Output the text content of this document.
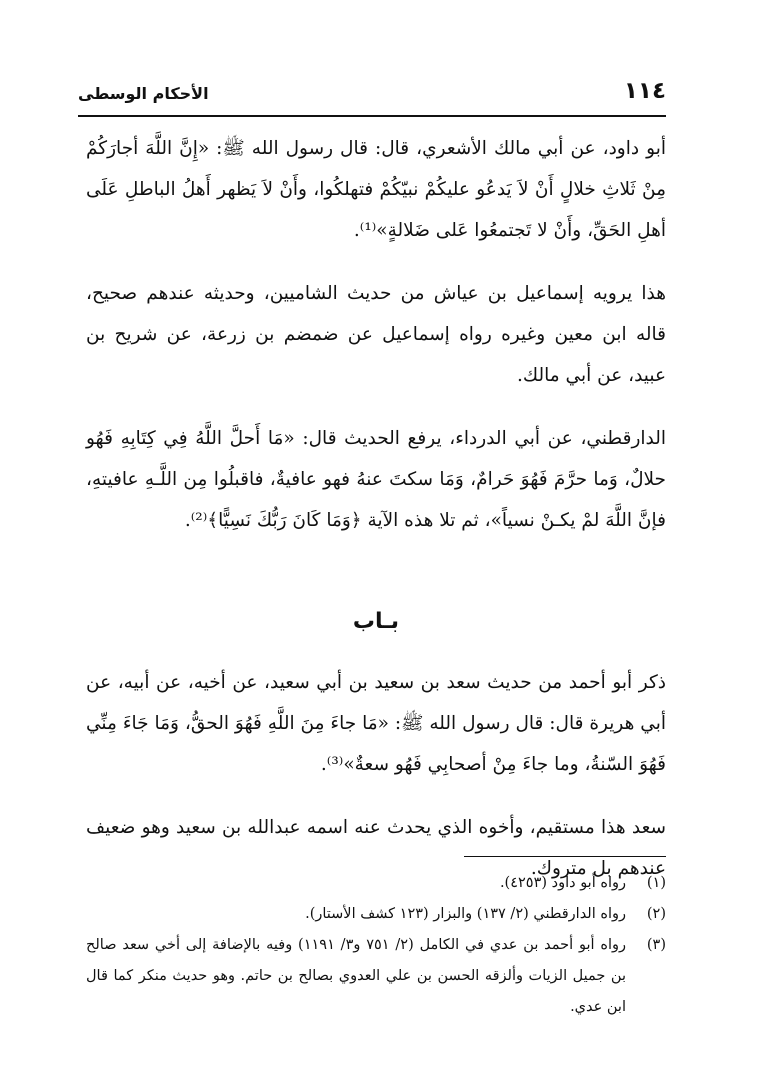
١١٤
الأحكام الوسطى

أبو داود، عن أبي مالك الأشعري، قال: قال رسول الله ﷺ: «إِنَّ اللَّهَ أجارَكُمْ مِنْ ثَلاثِ خلالٍ أَنْ لاَ يَدعُو عليكُمْ نبيّكُمْ فتهلكُوا، وأَنْ لاَ يَظهر أَهلُ الباطلِ عَلَى أهلِ الحَقِّ، وأَنْ لا تَجتمعُوا عَلى ضَلالةٍ»⁽¹⁾.

هذا يرويه إسماعيل بن عياش من حديث الشاميين، وحديثه عندهم صحيح، قاله ابن معين وغيره رواه إسماعيل عن ضمضم بن زرعة، عن شريح بن عبيد، عن أبي مالك.

الدارقطني، عن أبي الدرداء، يرفع الحديث قال: «مَا أَحلَّ اللَّهُ فِي كِتَابِهِ فَهُو حلالٌ، وَما حرَّمَ فَهُوَ حَرامٌ، وَمَا سكتَ عنهُ فهو عافيةٌ، فاقبلُوا مِن اللَّـهِ عافيتهِ، فإنَّ اللَّهَ لمْ يكـنْ نسياً»، ثم تلا هذه الآية ﴿وَمَا كَانَ رَبُّكَ نَسِيًّا﴾⁽²⁾.

بـاب

ذكر أبو أحمد من حديث سعد بن سعيد بن أبي سعيد، عن أخيه، عن أبيه، عن أبي هريرة قال: قال رسول الله ﷺ: «مَا جاءَ مِنَ اللَّهِ فَهُوَ الحقُّ، وَمَا جَاءَ مِنِّي فَهُوَ السّنةُ، وما جاءَ مِنْ أصحابِي فَهُو سعةٌ»⁽³⁾.

سعد هذا مستقيم، وأخوه الذي يحدث عنه اسمه عبدالله بن سعيد وهو ضعيف عندهم بل متروك.

(١)
رواه أبو داود (٤٢٥٣).
(٢)
رواه الدارقطني (٢/ ١٣٧) والبزار (١٢٣ كشف الأستار).
(٣)
رواه أبو أحمد بن عدي في الكامل (٢/ ٧٥١ و٣/ ١١٩١) وفيه بالإضافة إلى أخي سعد صالح بن جميل الزيات وألزقه الحسن بن علي العدوي بصالح بن حاتم. وهو حديث منكر كما قال ابن عدي.
